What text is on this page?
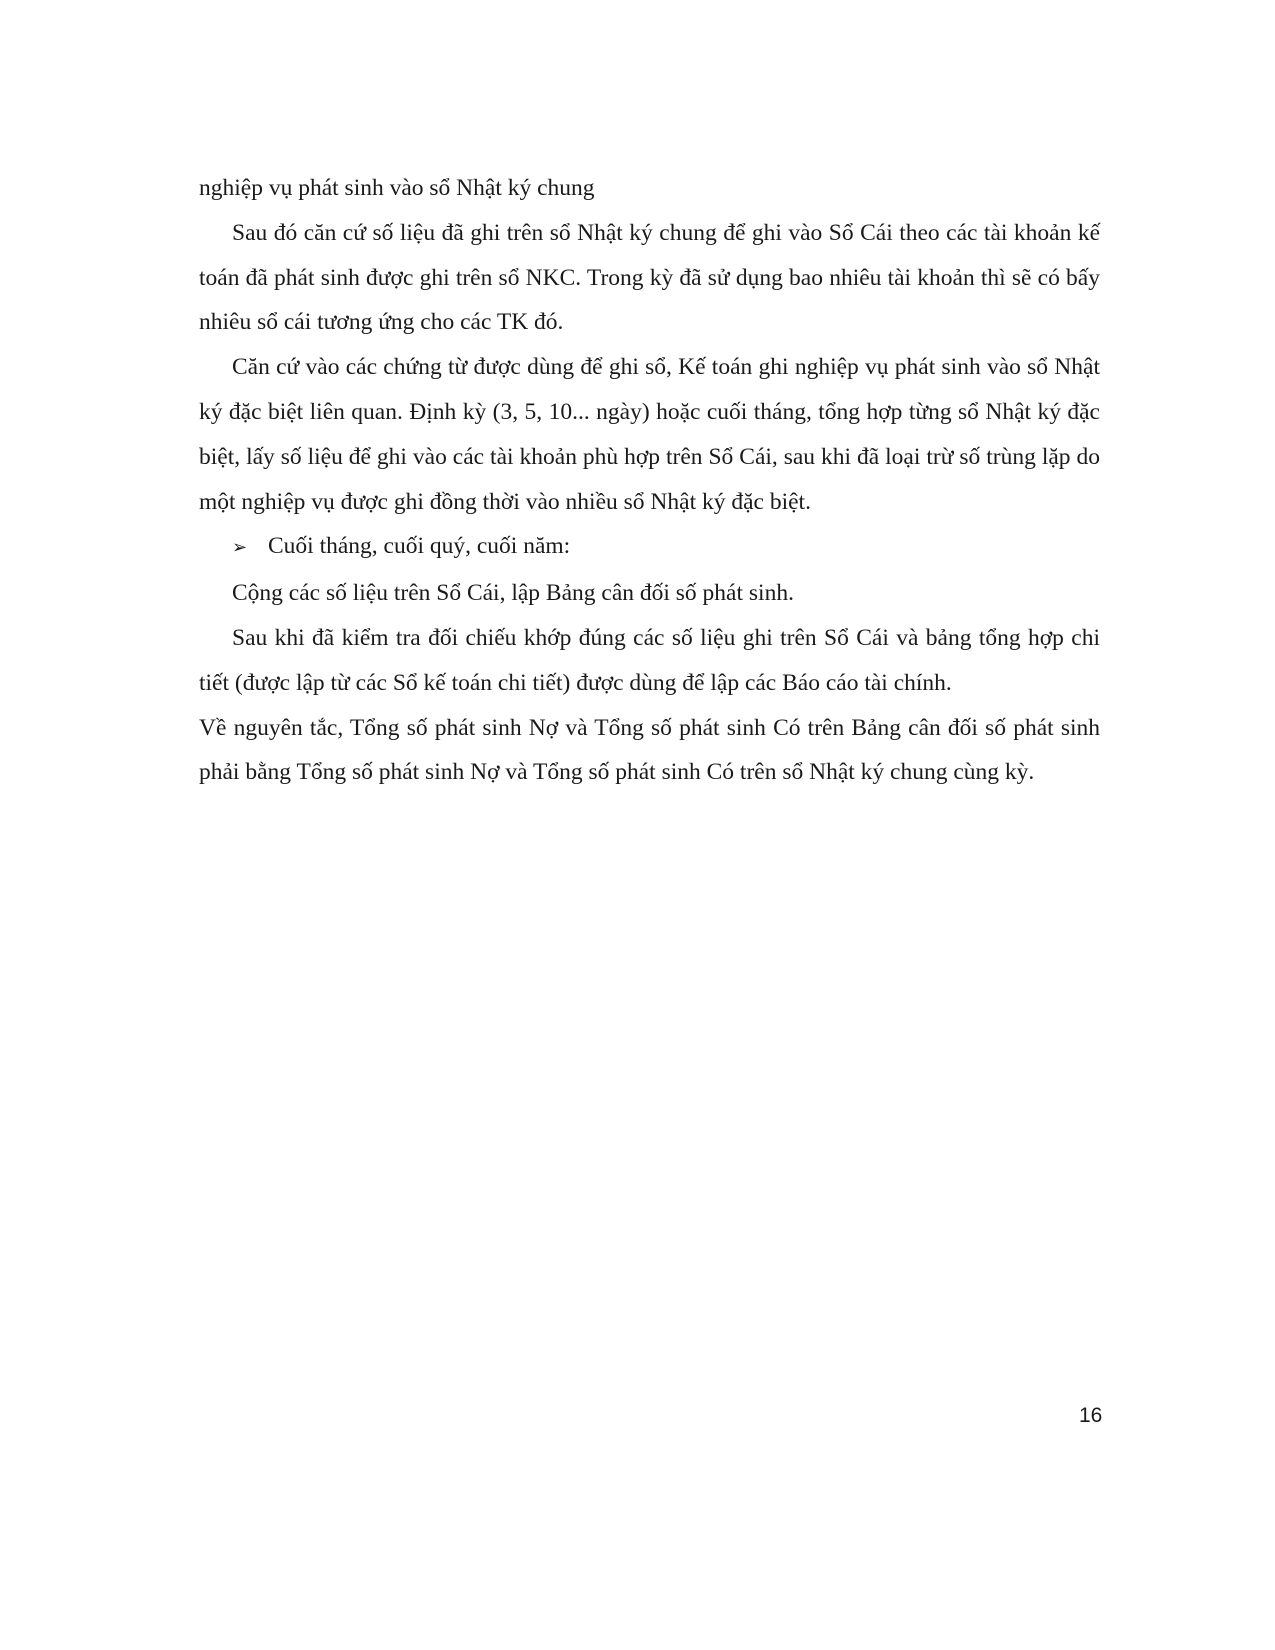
nghiệp vụ phát sinh vào sổ Nhật ký chung

Sau đó căn cứ số liệu đã ghi trên sổ Nhật ký chung để ghi vào Sổ Cái theo các tài khoản kế toán đã phát sinh được ghi trên sổ NKC. Trong kỳ đã sử dụng bao nhiêu tài khoản thì sẽ có bấy nhiêu sổ cái tương ứng cho các TK đó.

Căn cứ vào các chứng từ được dùng để ghi sổ, Kế toán ghi nghiệp vụ phát sinh vào sổ Nhật ký đặc biệt liên quan. Định kỳ (3, 5, 10... ngày) hoặc cuối tháng, tổng hợp từng sổ Nhật ký đặc biệt, lấy số liệu để ghi vào các tài khoản phù hợp trên Sổ Cái, sau khi đã loại trừ số trùng lặp do một nghiệp vụ được ghi đồng thời vào nhiều sổ Nhật ký đặc biệt.

➢ Cuối tháng, cuối quý, cuối năm:

Cộng các số liệu trên Sổ Cái, lập Bảng cân đối số phát sinh.

Sau khi đã kiểm tra đối chiếu khớp đúng các số liệu ghi trên Sổ Cái và bảng tổng hợp chi tiết (được lập từ các Sổ kế toán chi tiết) được dùng để lập các Báo cáo tài chính.

Về nguyên tắc, Tổng số phát sinh Nợ và Tổng số phát sinh Có trên Bảng cân đối số phát sinh phải bằng Tổng số phát sinh Nợ và Tổng số phát sinh Có trên sổ Nhật ký chung cùng kỳ.

16
